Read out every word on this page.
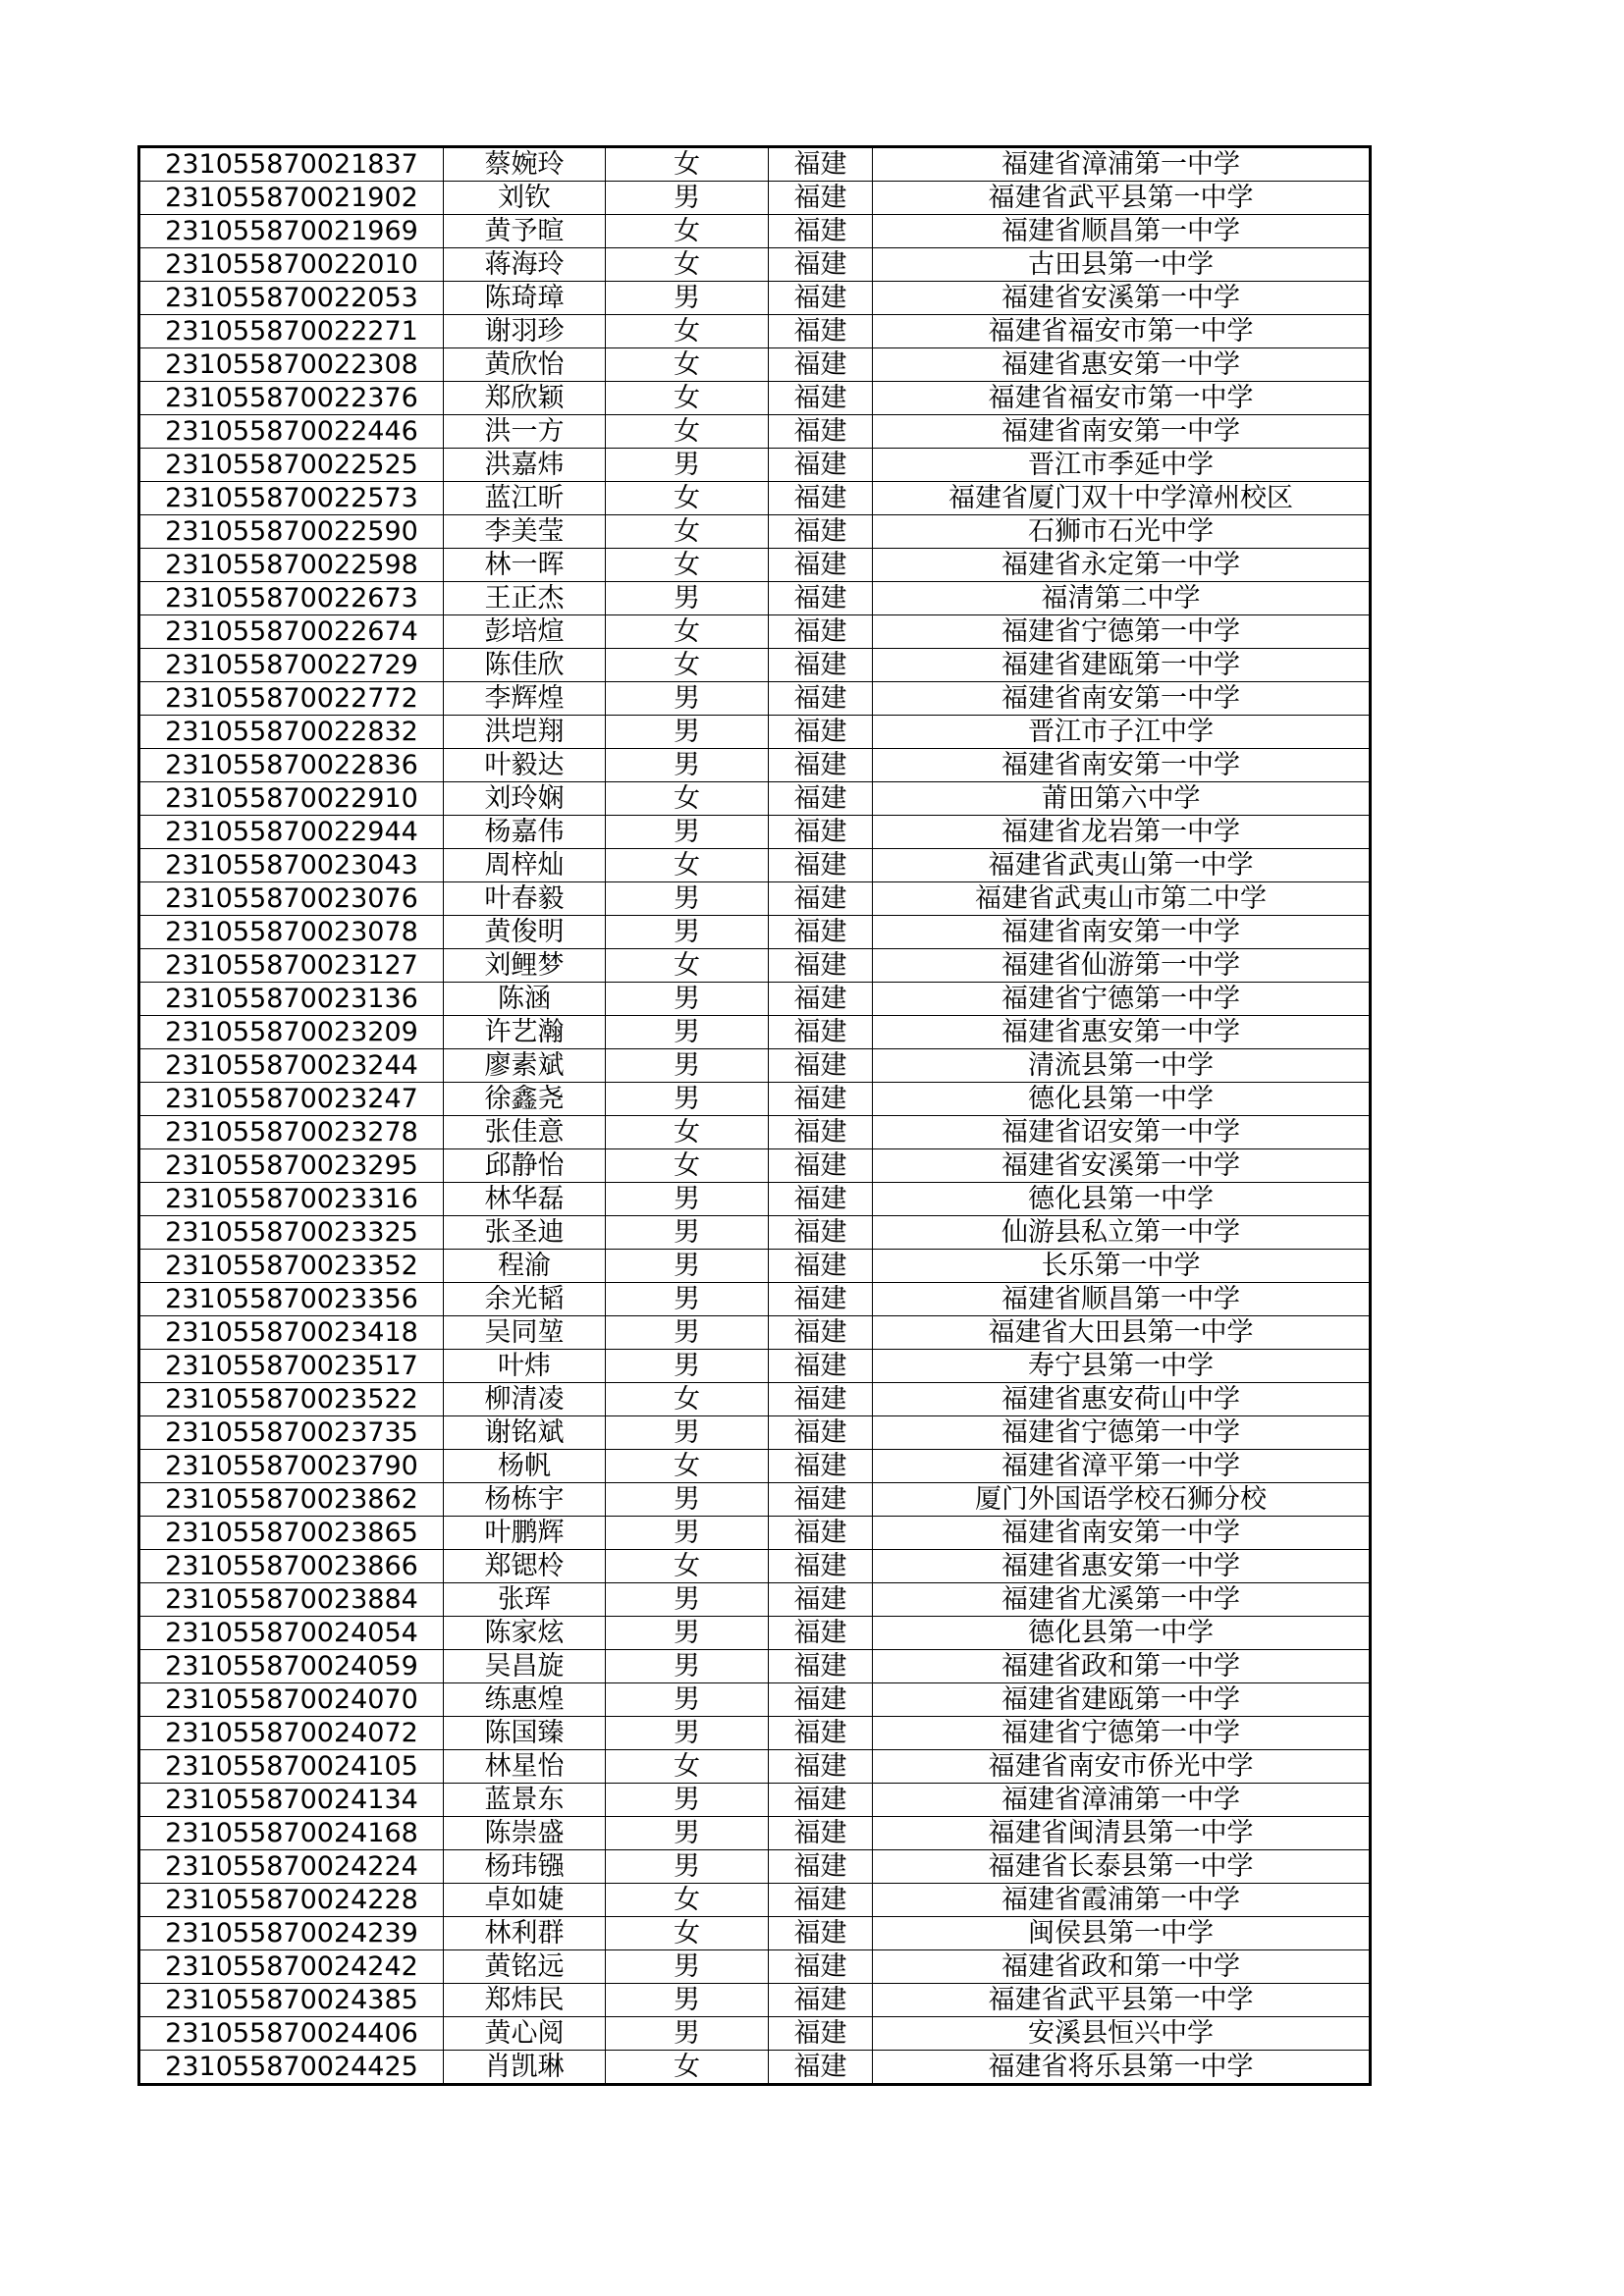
231055870021837	蔡婉玲	女	福建	福建省漳浦第一中学
231055870021902	刘钦	男	福建	福建省武平县第一中学
231055870021969	黄予暄	女	福建	福建省顺昌第一中学
231055870022010	蒋海玲	女	福建	古田县第一中学
231055870022053	陈琦璋	男	福建	福建省安溪第一中学
231055870022271	谢羽珍	女	福建	福建省福安市第一中学
231055870022308	黄欣怡	女	福建	福建省惠安第一中学
231055870022376	郑欣颖	女	福建	福建省福安市第一中学
231055870022446	洪一方	女	福建	福建省南安第一中学
231055870022525	洪嘉炜	男	福建	晋江市季延中学
231055870022573	蓝江昕	女	福建	福建省厦门双十中学漳州校区
231055870022590	李美莹	女	福建	石狮市石光中学
231055870022598	林一晖	女	福建	福建省永定第一中学
231055870022673	王正杰	男	福建	福清第二中学
231055870022674	彭培煊	女	福建	福建省宁德第一中学
231055870022729	陈佳欣	女	福建	福建省建瓯第一中学
231055870022772	李辉煌	男	福建	福建省南安第一中学
231055870022832	洪垲翔	男	福建	晋江市子江中学
231055870022836	叶毅达	男	福建	福建省南安第一中学
231055870022910	刘玲娴	女	福建	莆田第六中学
231055870022944	杨嘉伟	男	福建	福建省龙岩第一中学
231055870023043	周梓灿	女	福建	福建省武夷山第一中学
231055870023076	叶春毅	男	福建	福建省武夷山市第二中学
231055870023078	黄俊明	男	福建	福建省南安第一中学
231055870023127	刘鲤梦	女	福建	福建省仙游第一中学
231055870023136	陈涵	男	福建	福建省宁德第一中学
231055870023209	许艺瀚	男	福建	福建省惠安第一中学
231055870023244	廖素斌	男	福建	清流县第一中学
231055870023247	徐鑫尧	男	福建	德化县第一中学
231055870023278	张佳意	女	福建	福建省诏安第一中学
231055870023295	邱静怡	女	福建	福建省安溪第一中学
231055870023316	林华磊	男	福建	德化县第一中学
231055870023325	张圣迪	男	福建	仙游县私立第一中学
231055870023352	程渝	男	福建	长乐第一中学
231055870023356	余光韬	男	福建	福建省顺昌第一中学
231055870023418	吴同堃	男	福建	福建省大田县第一中学
231055870023517	叶炜	男	福建	寿宁县第一中学
231055870023522	柳清凌	女	福建	福建省惠安荷山中学
231055870023735	谢铭斌	男	福建	福建省宁德第一中学
231055870023790	杨帆	女	福建	福建省漳平第一中学
231055870023862	杨栋宇	男	福建	厦门外国语学校石狮分校
231055870023865	叶鹏辉	男	福建	福建省南安第一中学
231055870023866	郑锶柃	女	福建	福建省惠安第一中学
231055870023884	张珲	男	福建	福建省尤溪第一中学
231055870024054	陈家炫	男	福建	德化县第一中学
231055870024059	吴昌旋	男	福建	福建省政和第一中学
231055870024070	练惠煌	男	福建	福建省建瓯第一中学
231055870024072	陈国臻	男	福建	福建省宁德第一中学
231055870024105	林星怡	女	福建	福建省南安市侨光中学
231055870024134	蓝景东	男	福建	福建省漳浦第一中学
231055870024168	陈崇盛	男	福建	福建省闽清县第一中学
231055870024224	杨玮镪	男	福建	福建省长泰县第一中学
231055870024228	卓如婕	女	福建	福建省霞浦第一中学
231055870024239	林利群	女	福建	闽侯县第一中学
231055870024242	黄铭远	男	福建	福建省政和第一中学
231055870024385	郑炜民	男	福建	福建省武平县第一中学
231055870024406	黄心阅	男	福建	安溪县恒兴中学
231055870024425	肖凯琳	女	福建	福建省将乐县第一中学
